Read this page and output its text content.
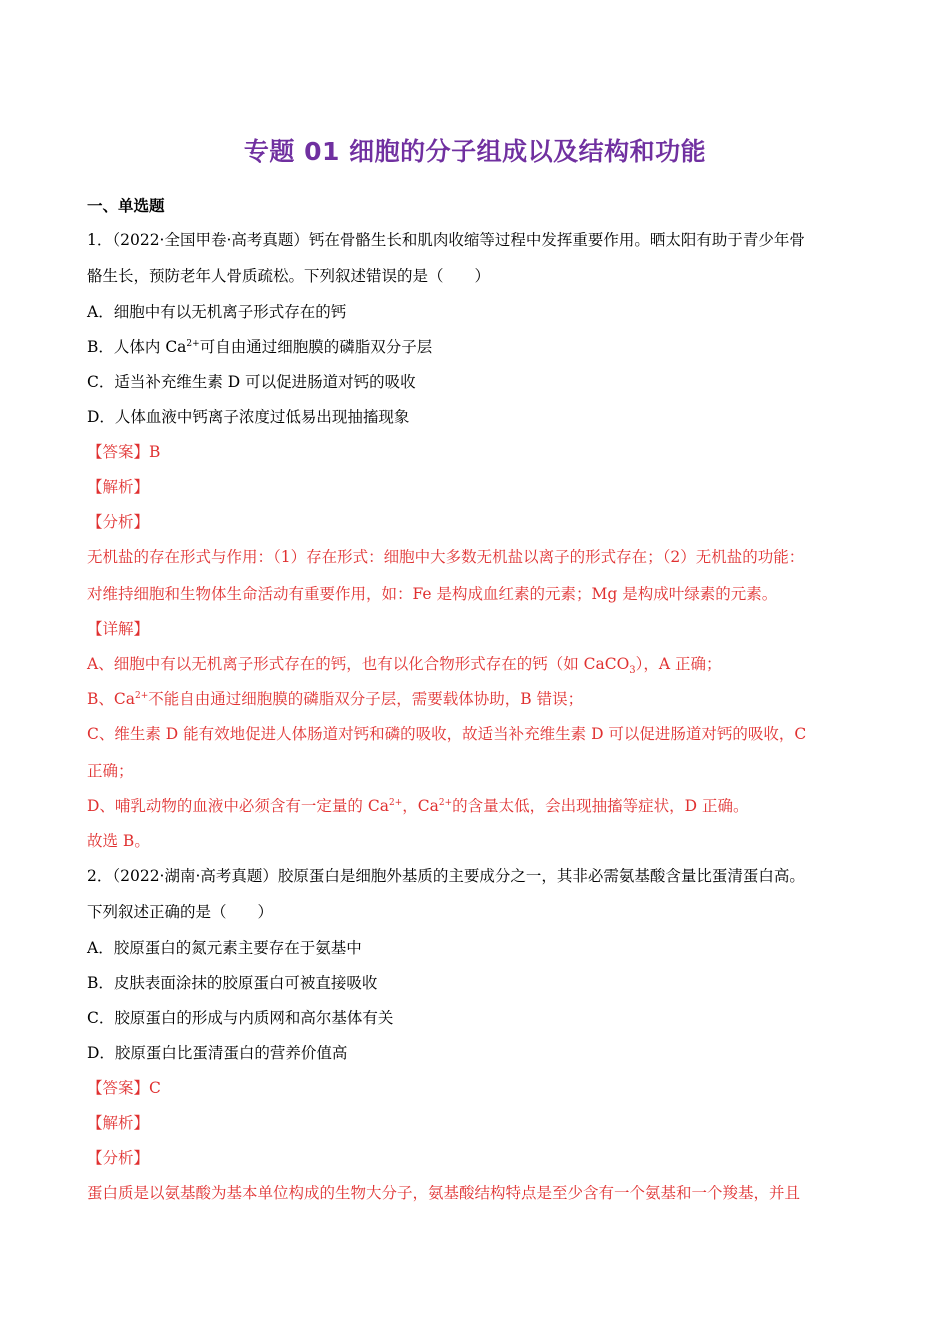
专题 01 细胞的分子组成以及结构和功能
一、单选题
1．（2022·全国甲卷·高考真题）钙在骨骼生长和肌肉收缩等过程中发挥重要作用。晒太阳有助于青少年骨
骼生长，预防老年人骨质疏松。下列叙述错误的是（　　）
A．细胞中有以无机离子形式存在的钙
B．人体内 $Ca^{2+}$可自由通过细胞膜的磷脂双分子层
C．适当补充维生素 D 可以促进肠道对钙的吸收
D．人体血液中钙离子浓度过低易出现抽搐现象
【答案】B
【解析】
【分析】
无机盐的存在形式与作用：（1）存在形式：细胞中大多数无机盐以离子的形式存在；（2）无机盐的功能：
对维持细胞和生物体生命活动有重要作用，如：Fe 是构成血红素的元素；Mg 是构成叶绿素的元素。
【详解】
A、细胞中有以无机离子形式存在的钙，也有以化合物形式存在的钙（如 CaCO$_3$），A 正确；
B、$Ca^{2+}$不能自由通过细胞膜的磷脂双分子层，需要载体协助，B 错误；
C、维生素 D 能有效地促进人体肠道对钙和磷的吸收，故适当补充维生素 D 可以促进肠道对钙的吸收，C
正确；
D、哺乳动物的血液中必须含有一定量的 $Ca^{2+}$，$Ca^{2+}$的含量太低，会出现抽搐等症状，D 正确。
故选 B。
2．（2022·湖南·高考真题）胶原蛋白是细胞外基质的主要成分之一，其非必需氨基酸含量比蛋清蛋白高。
下列叙述正确的是（　　）
A．胶原蛋白的氮元素主要存在于氨基中
B．皮肤表面涂抹的胶原蛋白可被直接吸收
C．胶原蛋白的形成与内质网和高尔基体有关
D．胶原蛋白比蛋清蛋白的营养价值高
【答案】C
【解析】
【分析】
蛋白质是以氨基酸为基本单位构成的生物大分子，氨基酸结构特点是至少含有一个氨基和一个羧基，并且
